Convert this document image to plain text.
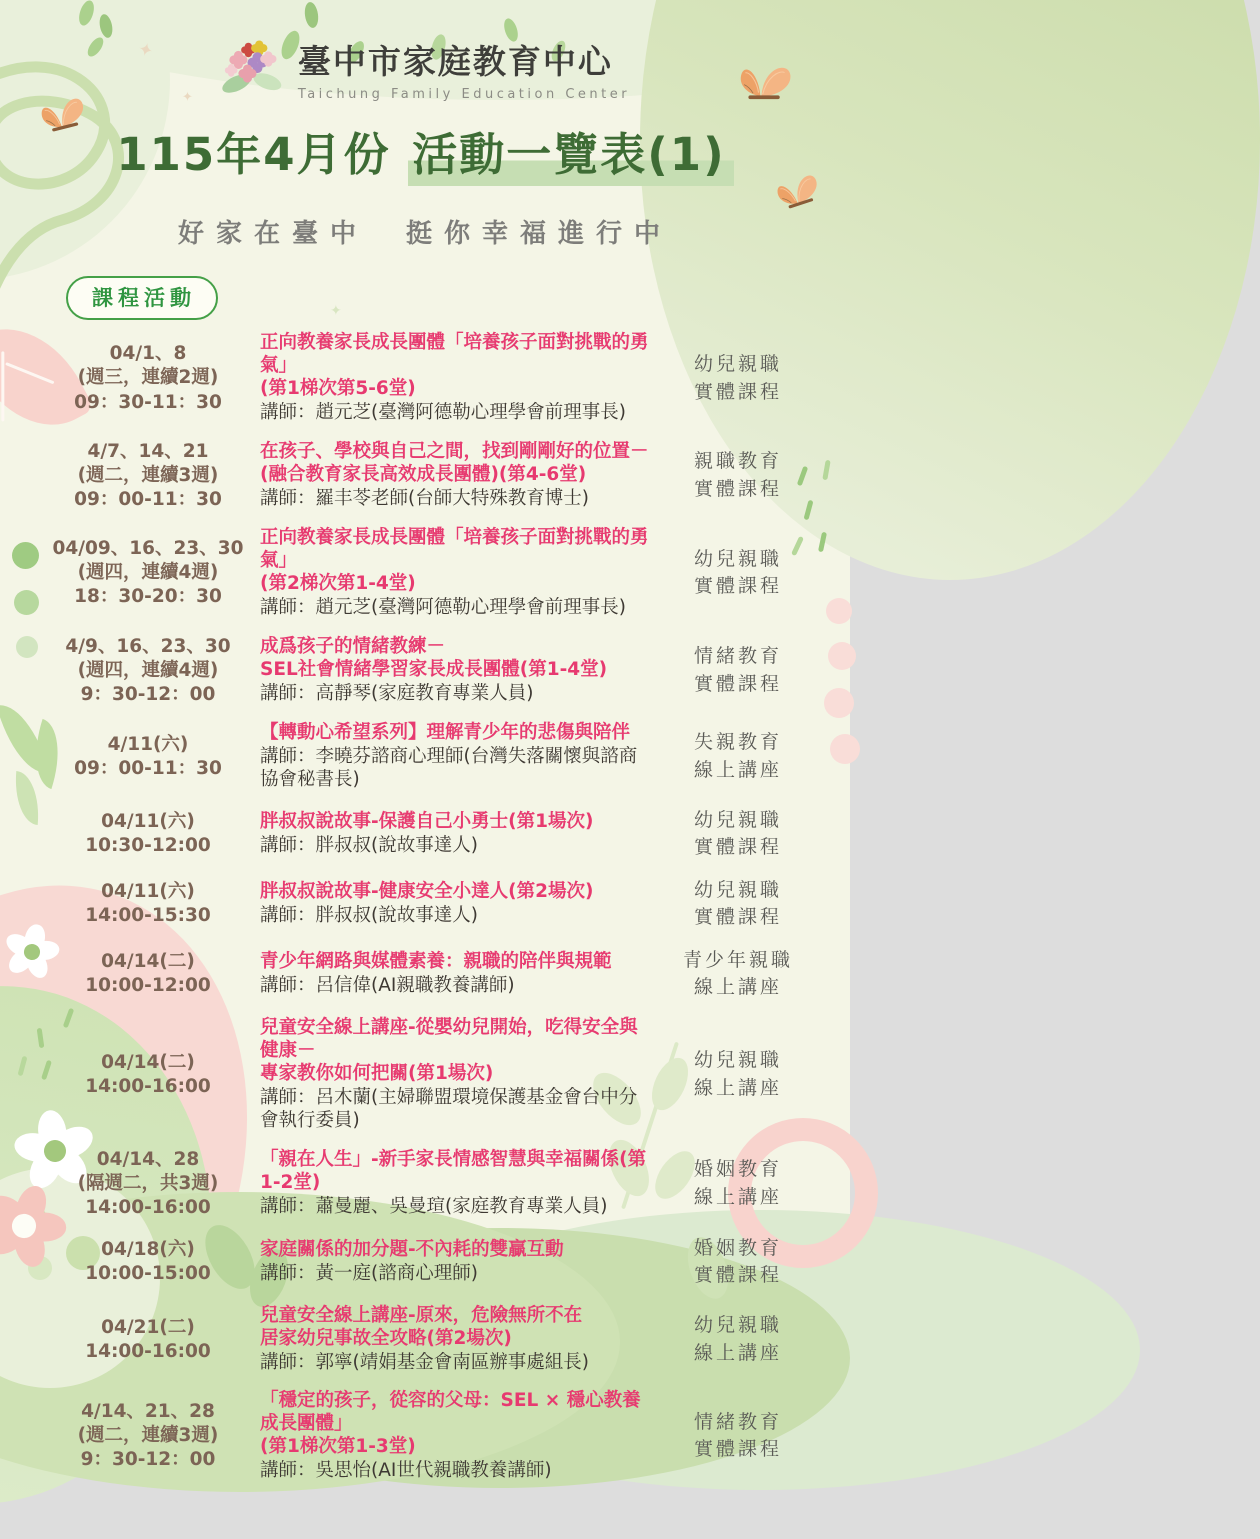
✦
✦
✦
臺中市家庭教育中心
Taichung Family Education Center
115年4月份 活動一覽表(1)
好家在臺中　挺你幸福進行中
課程活動
04/1、8
(週三，連續2週)
09：30-11：30
正向教養家長成長團體「培養孩子面對挑戰的勇氣」
(第1梯次第5-6堂)
講師：趙元芝(臺灣阿德勒心理學會前理事長)
幼兒親職
實體課程
4/7、14、21
(週二，連續3週)
09：00-11：30
在孩子、學校與自己之間，找到剛剛好的位置－
(融合教育家長高效成長團體)(第4-6堂)
講師：羅丰苓老師(台師大特殊教育博士)
親職教育
實體課程
04/09、16、23、30
(週四，連續4週)
18：30-20：30
正向教養家長成長團體「培養孩子面對挑戰的勇氣」
(第2梯次第1-4堂)
講師：趙元芝(臺灣阿德勒心理學會前理事長)
幼兒親職
實體課程
4/9、16、23、30
(週四，連續4週)
9：30-12：00
成爲孩子的情緒教練－
SEL社會情緒學習家長成長團體(第1-4堂)
講師：高靜琴(家庭教育專業人員)
情緒教育
實體課程
4/11(六)
09：00-11：30
【轉動心希望系列】理解青少年的悲傷與陪伴
講師：李曉芬諮商心理師(台灣失落關懷與諮商協會秘書長)
失親教育
線上講座
04/11(六)
10:30-12:00
胖叔叔說故事-保護自己小勇士(第1場次)
講師：胖叔叔(說故事達人)
幼兒親職
實體課程
04/11(六)
14:00-15:30
胖叔叔說故事-健康安全小達人(第2場次)
講師：胖叔叔(說故事達人)
幼兒親職
實體課程
04/14(二)
10:00-12:00
青少年網路與媒體素養：親職的陪伴與規範
講師：呂信偉(AI親職教養講師)
青少年親職
線上講座
04/14(二)
14:00-16:00
兒童安全線上講座-從嬰幼兒開始，吃得安全與健康－
專家教你如何把關(第1場次)
講師：呂木蘭(主婦聯盟環境保護基金會台中分會執行委員)
幼兒親職
線上講座
04/14、28
(隔週二，共3週)
14:00-16:00
「親在人生」-新手家長情感智慧與幸福關係(第1-2堂)
講師：蕭曼麗、吳曼瑄(家庭教育專業人員)
婚姻教育
線上講座
04/18(六)
10:00-15:00
家庭關係的加分題-不內耗的雙贏互動
講師：黃一庭(諮商心理師)
婚姻教育
實體課程
04/21(二)
14:00-16:00
兒童安全線上講座-原來，危險無所不在
居家幼兒事故全攻略(第2場次)
講師：郭寧(靖娟基金會南區辦事處組長)
幼兒親職
線上講座
4/14、21、28
(週二，連續3週)
9：30-12：00
「穩定的孩子，從容的父母：SEL × 穩心教養成長團體」
(第1梯次第1-3堂)
講師：吳思怡(AI世代親職教養講師)
情緒教育
實體課程
